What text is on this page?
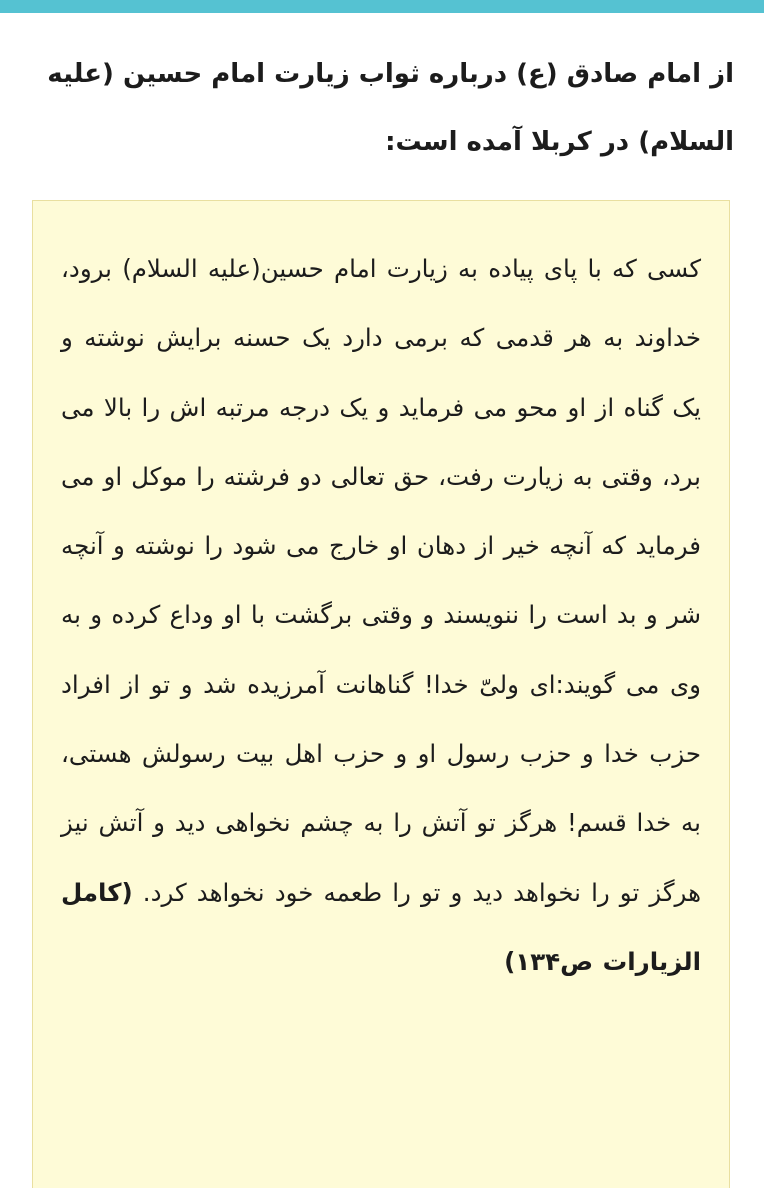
از امام صادق (ع) درباره ثواب زیارت امام حسین (علیه السلام) در کربلا آمده است:

کسی که با پای پیاده به زیارت امام حسین(علیه السلام) برود، خداوند به هر قدمی که برمی دارد یک حسنه برایش نوشته و یک گناه از او محو می فرماید و یک درجه مرتبه اش را بالا می برد، وقتی به زیارت رفت، حق تعالی دو فرشته را موکل او می فرماید که آنچه خیر از دهان او خارج می شود را نوشته و آنچه شر و بد است را ننویسند و وقتی برگشت با او وداع کرده و به وی می گویند:ای ولیّ خدا! گناهانت آمرزیده شد و تو از افراد حزب خدا و حزب رسول او و حزب اهل بیت رسولش هستی، به خدا قسم! هرگز تو آتش را به چشم نخواهی دید و آتش نیز هرگز تو را نخواهد دید و تو را طعمه خود نخواهد کرد. (کامل الزیارات ص۱۳۴)
